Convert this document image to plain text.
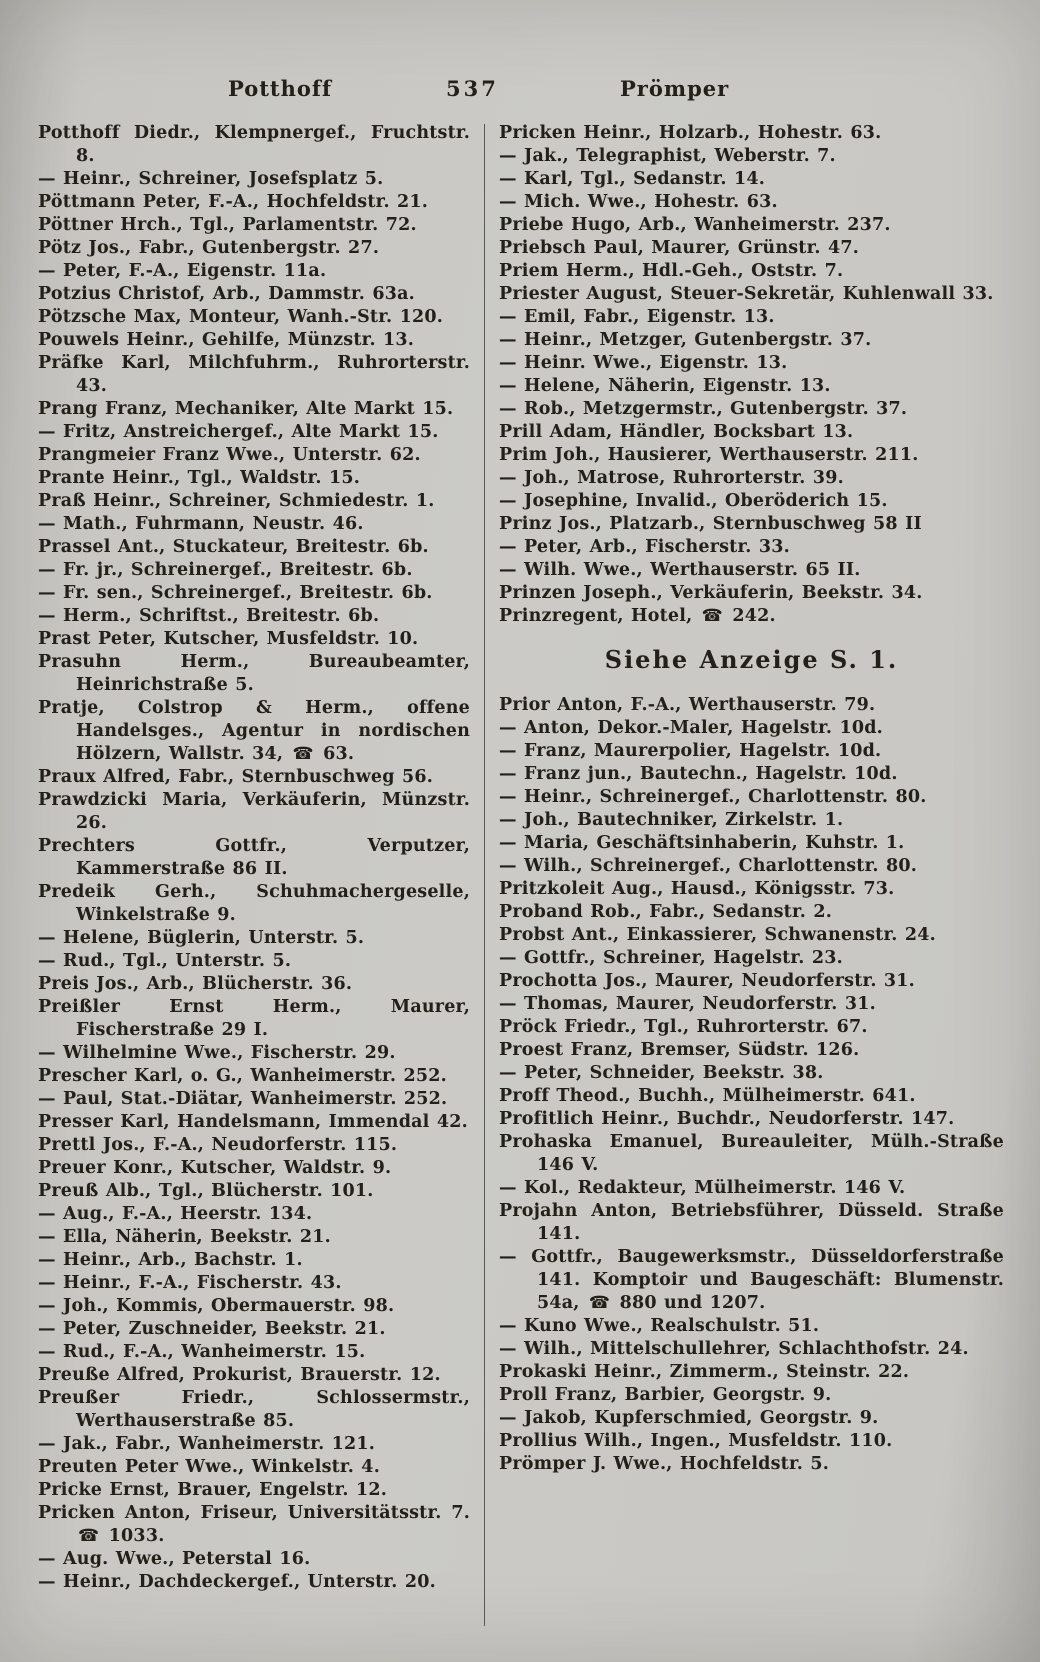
Potthoff	537	Prömper

Potthoff Diedr., Klempnergef., Fruchtstr. 8.

— Heinr., Schreiner, Josefsplatz 5.

Pöttmann Peter, F.-A., Hochfeldstr. 21.

Pöttner Hrch., Tgl., Parlamentstr. 72.

Pötz Jos., Fabr., Gutenbergstr. 27.

— Peter, F.-A., Eigenstr. 11a.

Potzius Christof, Arb., Dammstr. 63a.

Pötzsche Max, Monteur, Wanh.-Str. 120.

Pouwels Heinr., Gehilfe, Münzstr. 13.

Präfke Karl, Milchfuhrm., Ruhrorterstr. 43.

Prang Franz, Mechaniker, Alte Markt 15.

— Fritz, Anstreichergef., Alte Markt 15.

Prangmeier Franz Wwe., Unterstr. 62.

Prante Heinr., Tgl., Waldstr. 15.

Praß Heinr., Schreiner, Schmiedestr. 1.

— Math., Fuhrmann, Neustr. 46.

Prassel Ant., Stuckateur, Breitestr. 6b.

— Fr. jr., Schreinergef., Breitestr. 6b.

— Fr. sen., Schreinergef., Breitestr. 6b.

— Herm., Schriftst., Breitestr. 6b.

Prast Peter, Kutscher, Musfeldstr. 10.

Prasuhn Herm., Bureaubeamter, Heinrichstraße 5.

Pratje, Colstrop & Herm., offene Handelsges., Agentur in nordischen Hölzern, Wallstr. 34, ☎ 63.

Praux Alfred, Fabr., Sternbuschweg 56.

Prawdzicki Maria, Verkäuferin, Münzstr. 26.

Prechters Gottfr., Verputzer, Kammerstraße 86 II.

Predeik Gerh., Schuhmachergeselle, Winkelstraße 9.

— Helene, Büglerin, Unterstr. 5.

— Rud., Tgl., Unterstr. 5.

Preis Jos., Arb., Blücherstr. 36.

Preißler Ernst Herm., Maurer, Fischerstraße 29 I.

— Wilhelmine Wwe., Fischerstr. 29.

Prescher Karl, o. G., Wanheimerstr. 252.

— Paul, Stat.-Diätar, Wanheimerstr. 252.

Presser Karl, Handelsmann, Immendal 42.

Prettl Jos., F.-A., Neudorferstr. 115.

Preuer Konr., Kutscher, Waldstr. 9.

Preuß Alb., Tgl., Blücherstr. 101.

— Aug., F.-A., Heerstr. 134.

— Ella, Näherin, Beekstr. 21.

— Heinr., Arb., Bachstr. 1.

— Heinr., F.-A., Fischerstr. 43.

— Joh., Kommis, Obermauerstr. 98.

— Peter, Zuschneider, Beekstr. 21.

— Rud., F.-A., Wanheimerstr. 15.

Preuße Alfred, Prokurist, Brauerstr. 12.

Preußer Friedr., Schlossermstr., Werthauserstraße 85.

— Jak., Fabr., Wanheimerstr. 121.

Preuten Peter Wwe., Winkelstr. 4.

Pricke Ernst, Brauer, Engelstr. 12.

Pricken Anton, Friseur, Universitätsstr. 7. ☎ 1033.

— Aug. Wwe., Peterstal 16.

— Heinr., Dachdeckergef., Unterstr. 20.

Pricken Heinr., Holzarb., Hohestr. 63.

— Jak., Telegraphist, Weberstr. 7.

— Karl, Tgl., Sedanstr. 14.

— Mich. Wwe., Hohestr. 63.

Priebe Hugo, Arb., Wanheimerstr. 237.

Priebsch Paul, Maurer, Grünstr. 47.

Priem Herm., Hdl.-Geh., Oststr. 7.

Priester August, Steuer-Sekretär, Kuhlenwall 33.

— Emil, Fabr., Eigenstr. 13.

— Heinr., Metzger, Gutenbergstr. 37.

— Heinr. Wwe., Eigenstr. 13.

— Helene, Näherin, Eigenstr. 13.

— Rob., Metzgermstr., Gutenbergstr. 37.

Prill Adam, Händler, Bocksbart 13.

Prim Joh., Hausierer, Werthauserstr. 211.

— Joh., Matrose, Ruhrorterstr. 39.

— Josephine, Invalid., Oberöderich 15.

Prinz Jos., Platzarb., Sternbuschweg 58 II

— Peter, Arb., Fischerstr. 33.

— Wilh. Wwe., Werthauserstr. 65 II.

Prinzen Joseph., Verkäuferin, Beekstr. 34.

Prinzregent, Hotel, ☎ 242.

Siehe Anzeige S. 1.

Prior Anton, F.-A., Werthauserstr. 79.

— Anton, Dekor.-Maler, Hagelstr. 10d.

— Franz, Maurerpolier, Hagelstr. 10d.

— Franz jun., Bautechn., Hagelstr. 10d.

— Heinr., Schreinergef., Charlottenstr. 80.

— Joh., Bautechniker, Zirkelstr. 1.

— Maria, Geschäftsinhaberin, Kuhstr. 1.

— Wilh., Schreinergef., Charlottenstr. 80.

Pritzkoleit Aug., Hausd., Königsstr. 73.

Proband Rob., Fabr., Sedanstr. 2.

Probst Ant., Einkassierer, Schwanenstr. 24.

— Gottfr., Schreiner, Hagelstr. 23.

Prochotta Jos., Maurer, Neudorferstr. 31.

— Thomas, Maurer, Neudorferstr. 31.

Pröck Friedr., Tgl., Ruhrorterstr. 67.

Proest Franz, Bremser, Südstr. 126.

— Peter, Schneider, Beekstr. 38.

Proff Theod., Buchh., Mülheimerstr. 641.

Profitlich Heinr., Buchdr., Neudorferstr. 147.

Prohaska Emanuel, Bureauleiter, Mülh.-Straße 146 V.

— Kol., Redakteur, Mülheimerstr. 146 V.

Projahn Anton, Betriebsführer, Düsseld. Straße 141.

— Gottfr., Baugewerksmstr., Düsseldorferstraße 141. Komptoir und Baugeschäft: Blumenstr. 54a, ☎ 880 und 1207.

— Kuno Wwe., Realschulstr. 51.

— Wilh., Mittelschullehrer, Schlachthofstr. 24.

Prokaski Heinr., Zimmerm., Steinstr. 22.

Proll Franz, Barbier, Georgstr. 9.

— Jakob, Kupferschmied, Georgstr. 9.

Prollius Wilh., Ingen., Musfeldstr. 110.

Prömper J. Wwe., Hochfeldstr. 5.
